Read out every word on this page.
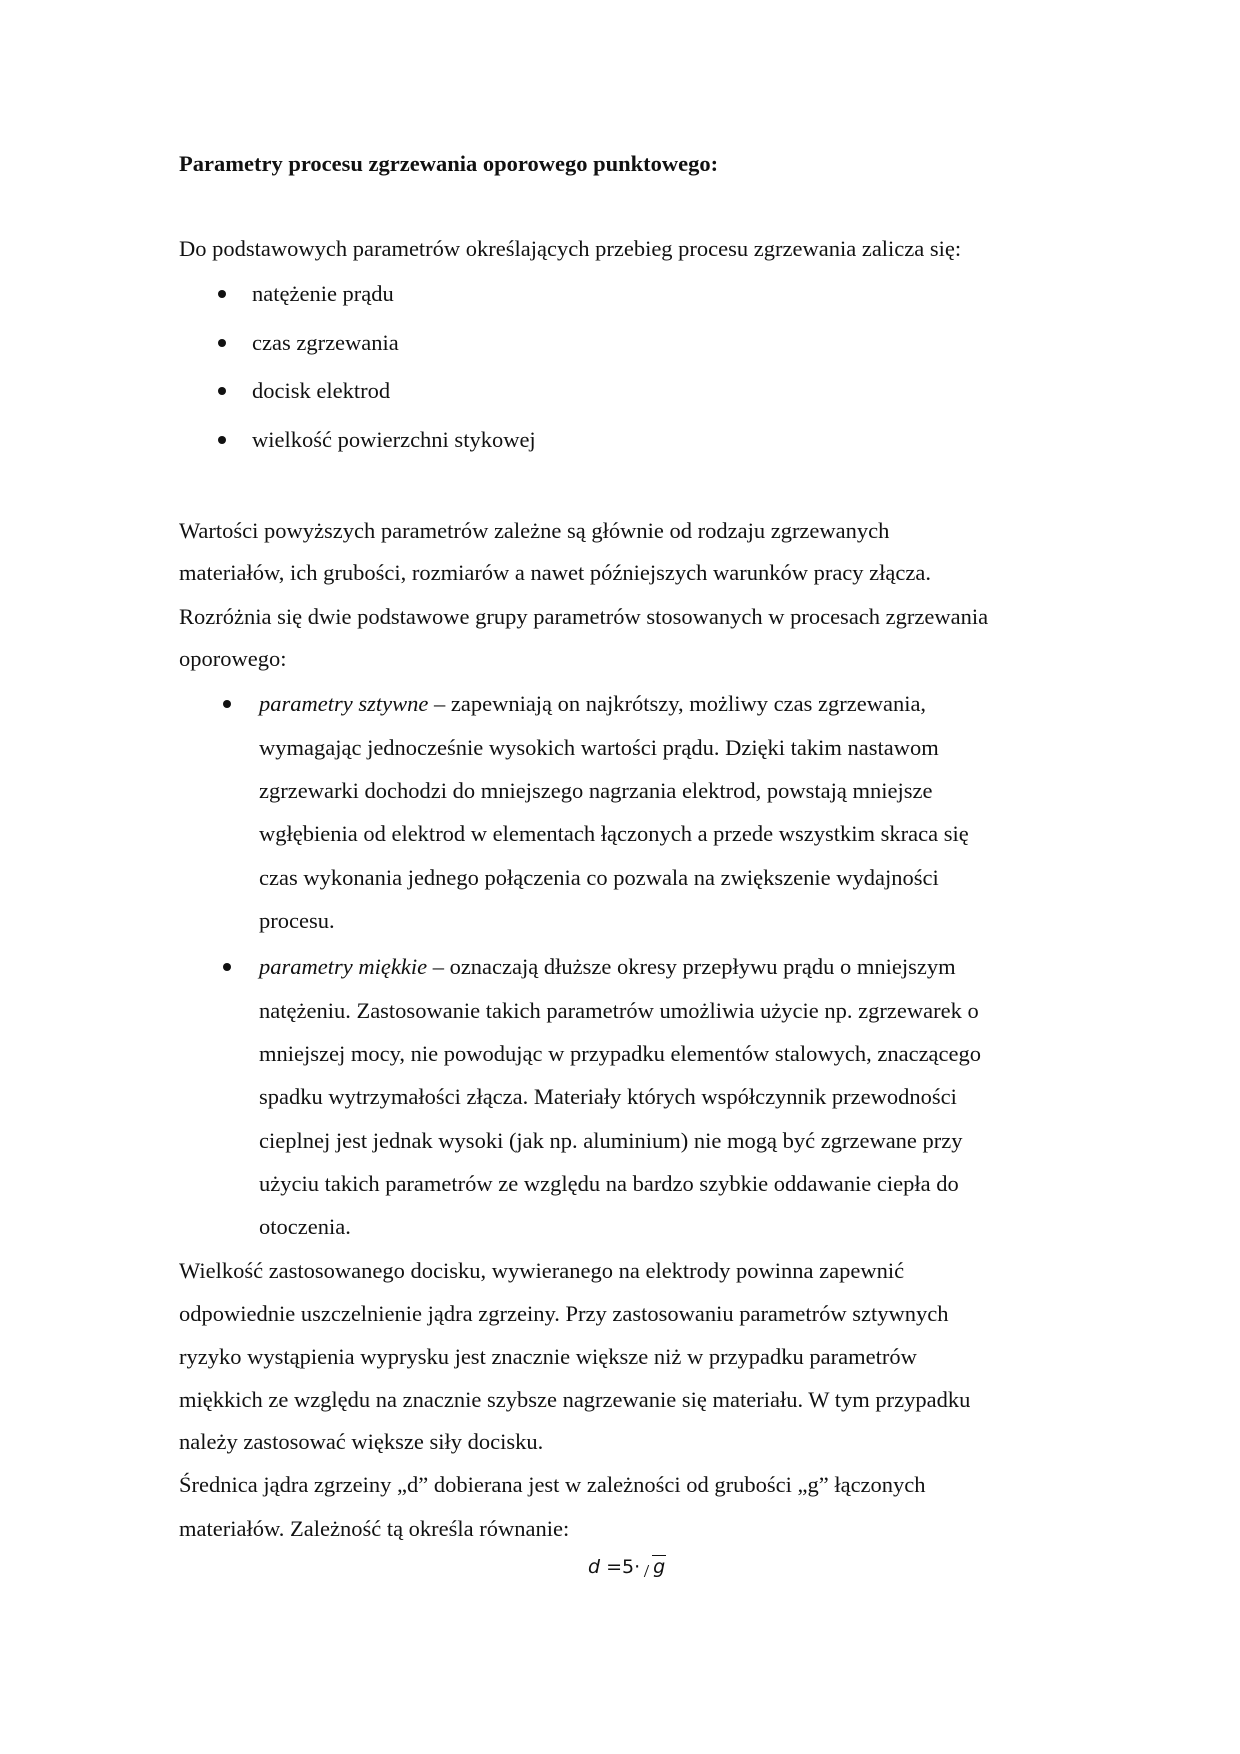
Parametry procesu zgrzewania oporowego punktowego:
Do podstawowych parametrów określających przebieg procesu zgrzewania zalicza się:
natężenie prądu
czas zgrzewania
docisk elektrod
wielkość powierzchni stykowej
Wartości powyższych parametrów zależne są głównie od rodzaju zgrzewanych
materiałów, ich grubości, rozmiarów a nawet późniejszych warunków pracy złącza.
Rozróżnia się dwie podstawowe grupy parametrów stosowanych w procesach zgrzewania
oporowego:
parametry sztywne – zapewniają on najkrótszy, możliwy czas zgrzewania,
wymagając jednocześnie wysokich wartości prądu. Dzięki takim nastawom
zgrzewarki dochodzi do mniejszego nagrzania elektrod, powstają mniejsze
wgłębienia od elektrod w elementach łączonych a przede wszystkim skraca się
czas wykonania jednego połączenia co pozwala na zwiększenie wydajności
procesu.
parametry miękkie – oznaczają dłuższe okresy przepływu prądu o mniejszym
natężeniu. Zastosowanie takich parametrów umożliwia użycie np. zgrzewarek o
mniejszej mocy, nie powodując w przypadku elementów stalowych, znaczącego
spadku wytrzymałości złącza. Materiały których współczynnik przewodności
cieplnej jest jednak wysoki (jak np. aluminium) nie mogą być zgrzewane przy
użyciu takich parametrów ze względu na bardzo szybkie oddawanie ciepła do
otoczenia.
Wielkość zastosowanego docisku, wywieranego na elektrody powinna zapewnić
odpowiednie uszczelnienie jądra zgrzeiny. Przy zastosowaniu parametrów sztywnych
ryzyko wystąpienia wyprysku jest znacznie większe niż w przypadku parametrów
miękkich ze względu na znacznie szybsze nagrzewanie się materiału. W tym przypadku
należy zastosować większe siły docisku.
Średnica jądra zgrzeiny „d” dobierana jest w zależności od grubości „g” łączonych
materiałów. Zależność tą określa równanie:
d =5· g
